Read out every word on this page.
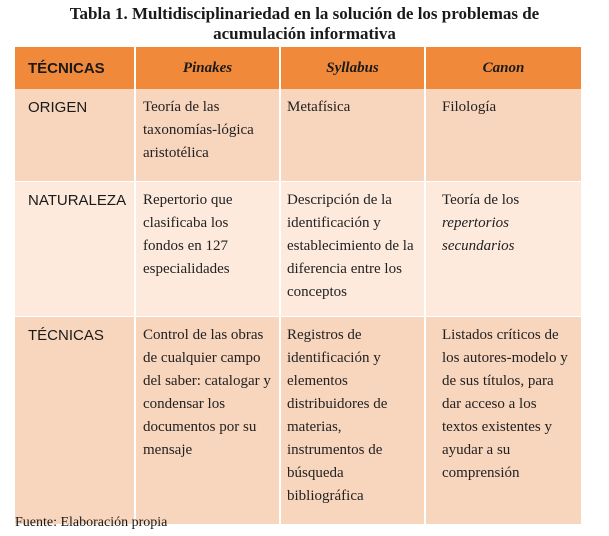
Tabla 1. Multidisciplinariedad en la solución de los problemas de
acumulación informativa
TÉCNICAS	Pinakes	Syllabus	Canon
ORIGEN	Teoría de las taxonomías-lógica aristotélica	Metafísica	Filología
NATURALEZA	Repertorio que clasificaba los fondos en 127 especialidades	Descripción de la identificación y establecimiento de la diferencia entre los conceptos	Teoría de los repertorios secundarios
TÉCNICAS	Control de las obras de cualquier campo del saber: catalogar y condensar los documentos por su mensaje	Registros de identificación y elementos distribuidores de materias, instrumentos de búsqueda bibliográfica	Listados críticos de los autores-modelo y de sus títulos, para dar acceso a los textos existentes y ayudar a su comprensión
Fuente: Elaboración propia
